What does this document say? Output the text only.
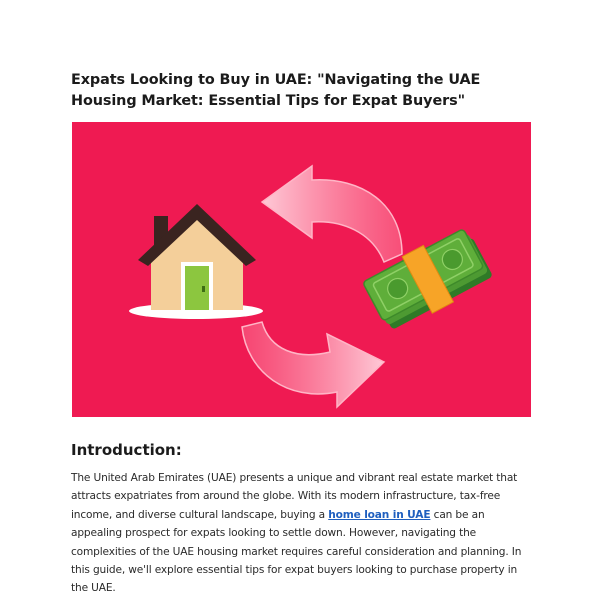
Expats Looking to Buy in UAE: "Navigating the UAE Housing Market: Essential Tips for Expat Buyers"
Introduction:

The United Arab Emirates (UAE) presents a unique and vibrant real estate market that attracts expatriates from around the globe. With its modern infrastructure, tax-free income, and diverse cultural landscape, buying a home loan in UAE can be an appealing prospect for expats looking to settle down. However, navigating the complexities of the UAE housing market requires careful consideration and planning. In this guide, we'll explore essential tips for expat buyers looking to purchase property in the UAE.
